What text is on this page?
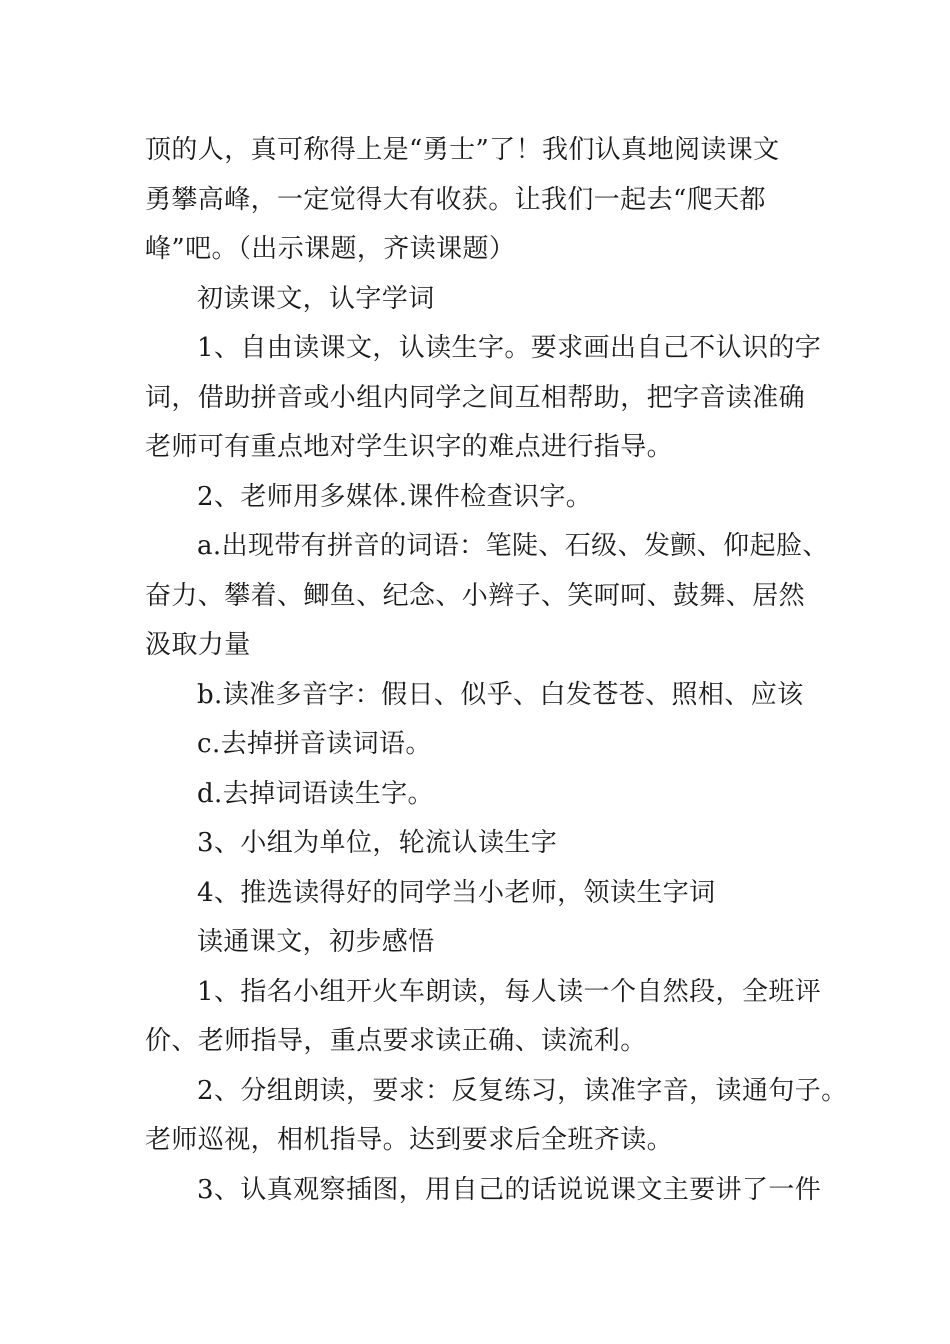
顶的人，真可称得上是“勇士”了！我们认真地阅读课文
勇攀高峰，一定觉得大有收获。让我们一起去“爬天都
峰”吧。（出示课题，齐读课题）
初读课文，认字学词
1、自由读课文，认读生字。要求画出自己不认识的字
词，借助拼音或小组内同学之间互相帮助，把字音读准确
老师可有重点地对学生识字的难点进行指导。
2、老师用多媒体.课件检查识字。
a.出现带有拼音的词语：笔陡、石级、发颤、仰起脸、
奋力、攀着、鲫鱼、纪念、小辫子、笑呵呵、鼓舞、居然
汲取力量
b.读准多音字：假日、似乎、白发苍苍、照相、应该
c.去掉拼音读词语。
d.去掉词语读生字。
3、小组为单位，轮流认读生字
4、推选读得好的同学当小老师，领读生字词
读通课文，初步感悟
1、指名小组开火车朗读，每人读一个自然段，全班评
价、老师指导，重点要求读正确、读流利。
2、分组朗读，要求：反复练习，读准字音，读通句子。
老师巡视，相机指导。达到要求后全班齐读。
3、认真观察插图，用自己的话说说课文主要讲了一件
